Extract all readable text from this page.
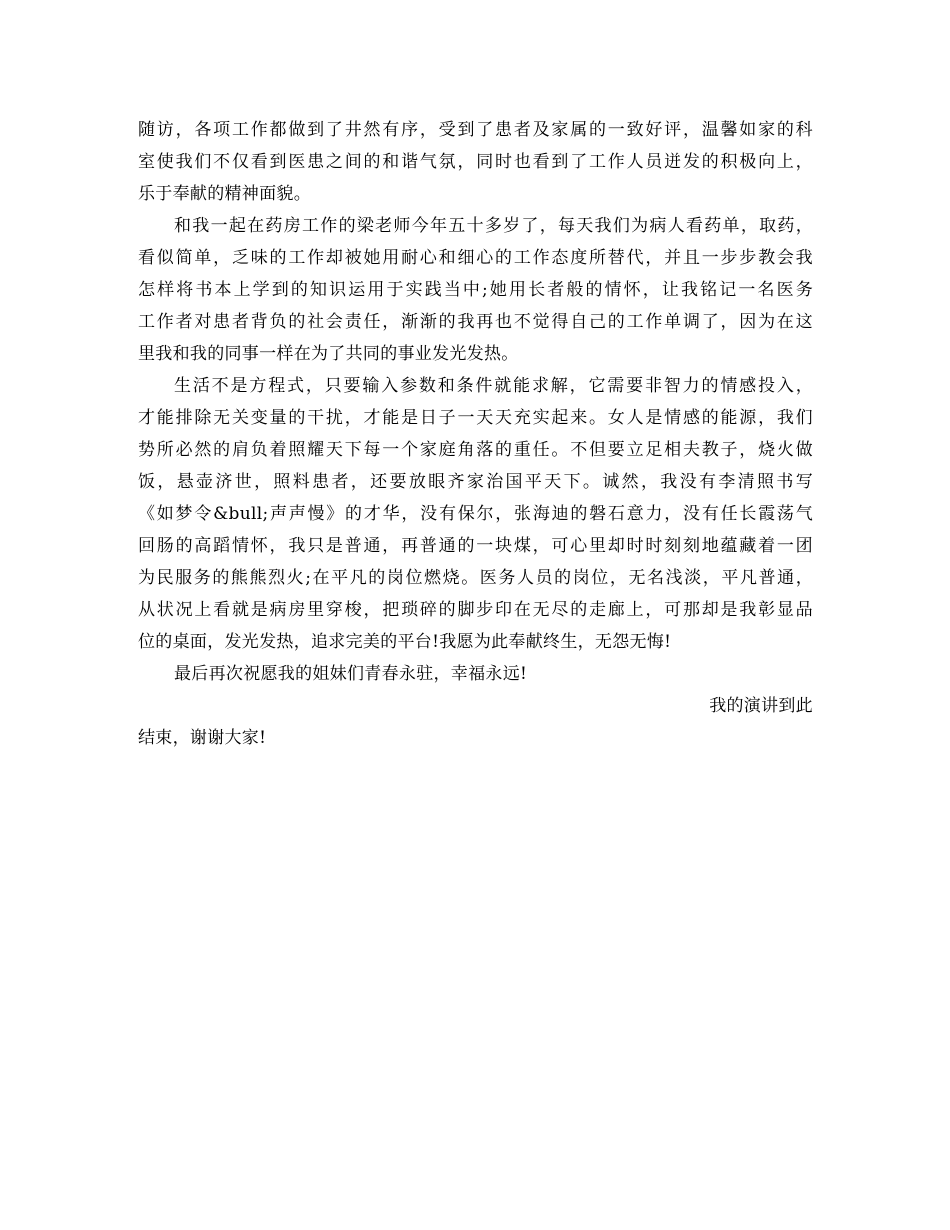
随访，各项工作都做到了井然有序，受到了患者及家属的一致好评，温馨如家的科
室使我们不仅看到医患之间的和谐气氛，同时也看到了工作人员迸发的积极向上，
乐于奉献的精神面貌。
和我一起在药房工作的梁老师今年五十多岁了，每天我们为病人看药单，取药，
看似简单，乏味的工作却被她用耐心和细心的工作态度所替代，并且一步步教会我
怎样将书本上学到的知识运用于实践当中;她用长者般的情怀，让我铭记一名医务
工作者对患者背负的社会责任，渐渐的我再也不觉得自己的工作单调了，因为在这
里我和我的同事一样在为了共同的事业发光发热。
生活不是方程式，只要输入参数和条件就能求解，它需要非智力的情感投入，
才能排除无关变量的干扰，才能是日子一天天充实起来。女人是情感的能源，我们
势所必然的肩负着照耀天下每一个家庭角落的重任。不但要立足相夫教子，烧火做
饭，悬壶济世，照料患者，还要放眼齐家治国平天下。诚然，我没有李清照书写
《如梦令&bull;声声慢》的才华，没有保尔，张海迪的磐石意力，没有任长霞荡气
回肠的高蹈情怀，我只是普通，再普通的一块煤，可心里却时时刻刻地蕴藏着一团
为民服务的熊熊烈火;在平凡的岗位燃烧。医务人员的岗位，无名浅淡，平凡普通，
从状况上看就是病房里穿梭，把琐碎的脚步印在无尽的走廊上，可那却是我彰显品
位的桌面，发光发热，追求完美的平台!我愿为此奉献终生，无怨无悔!
最后再次祝愿我的姐妹们青春永驻，幸福永远!
我的演讲到此
结束，谢谢大家!
